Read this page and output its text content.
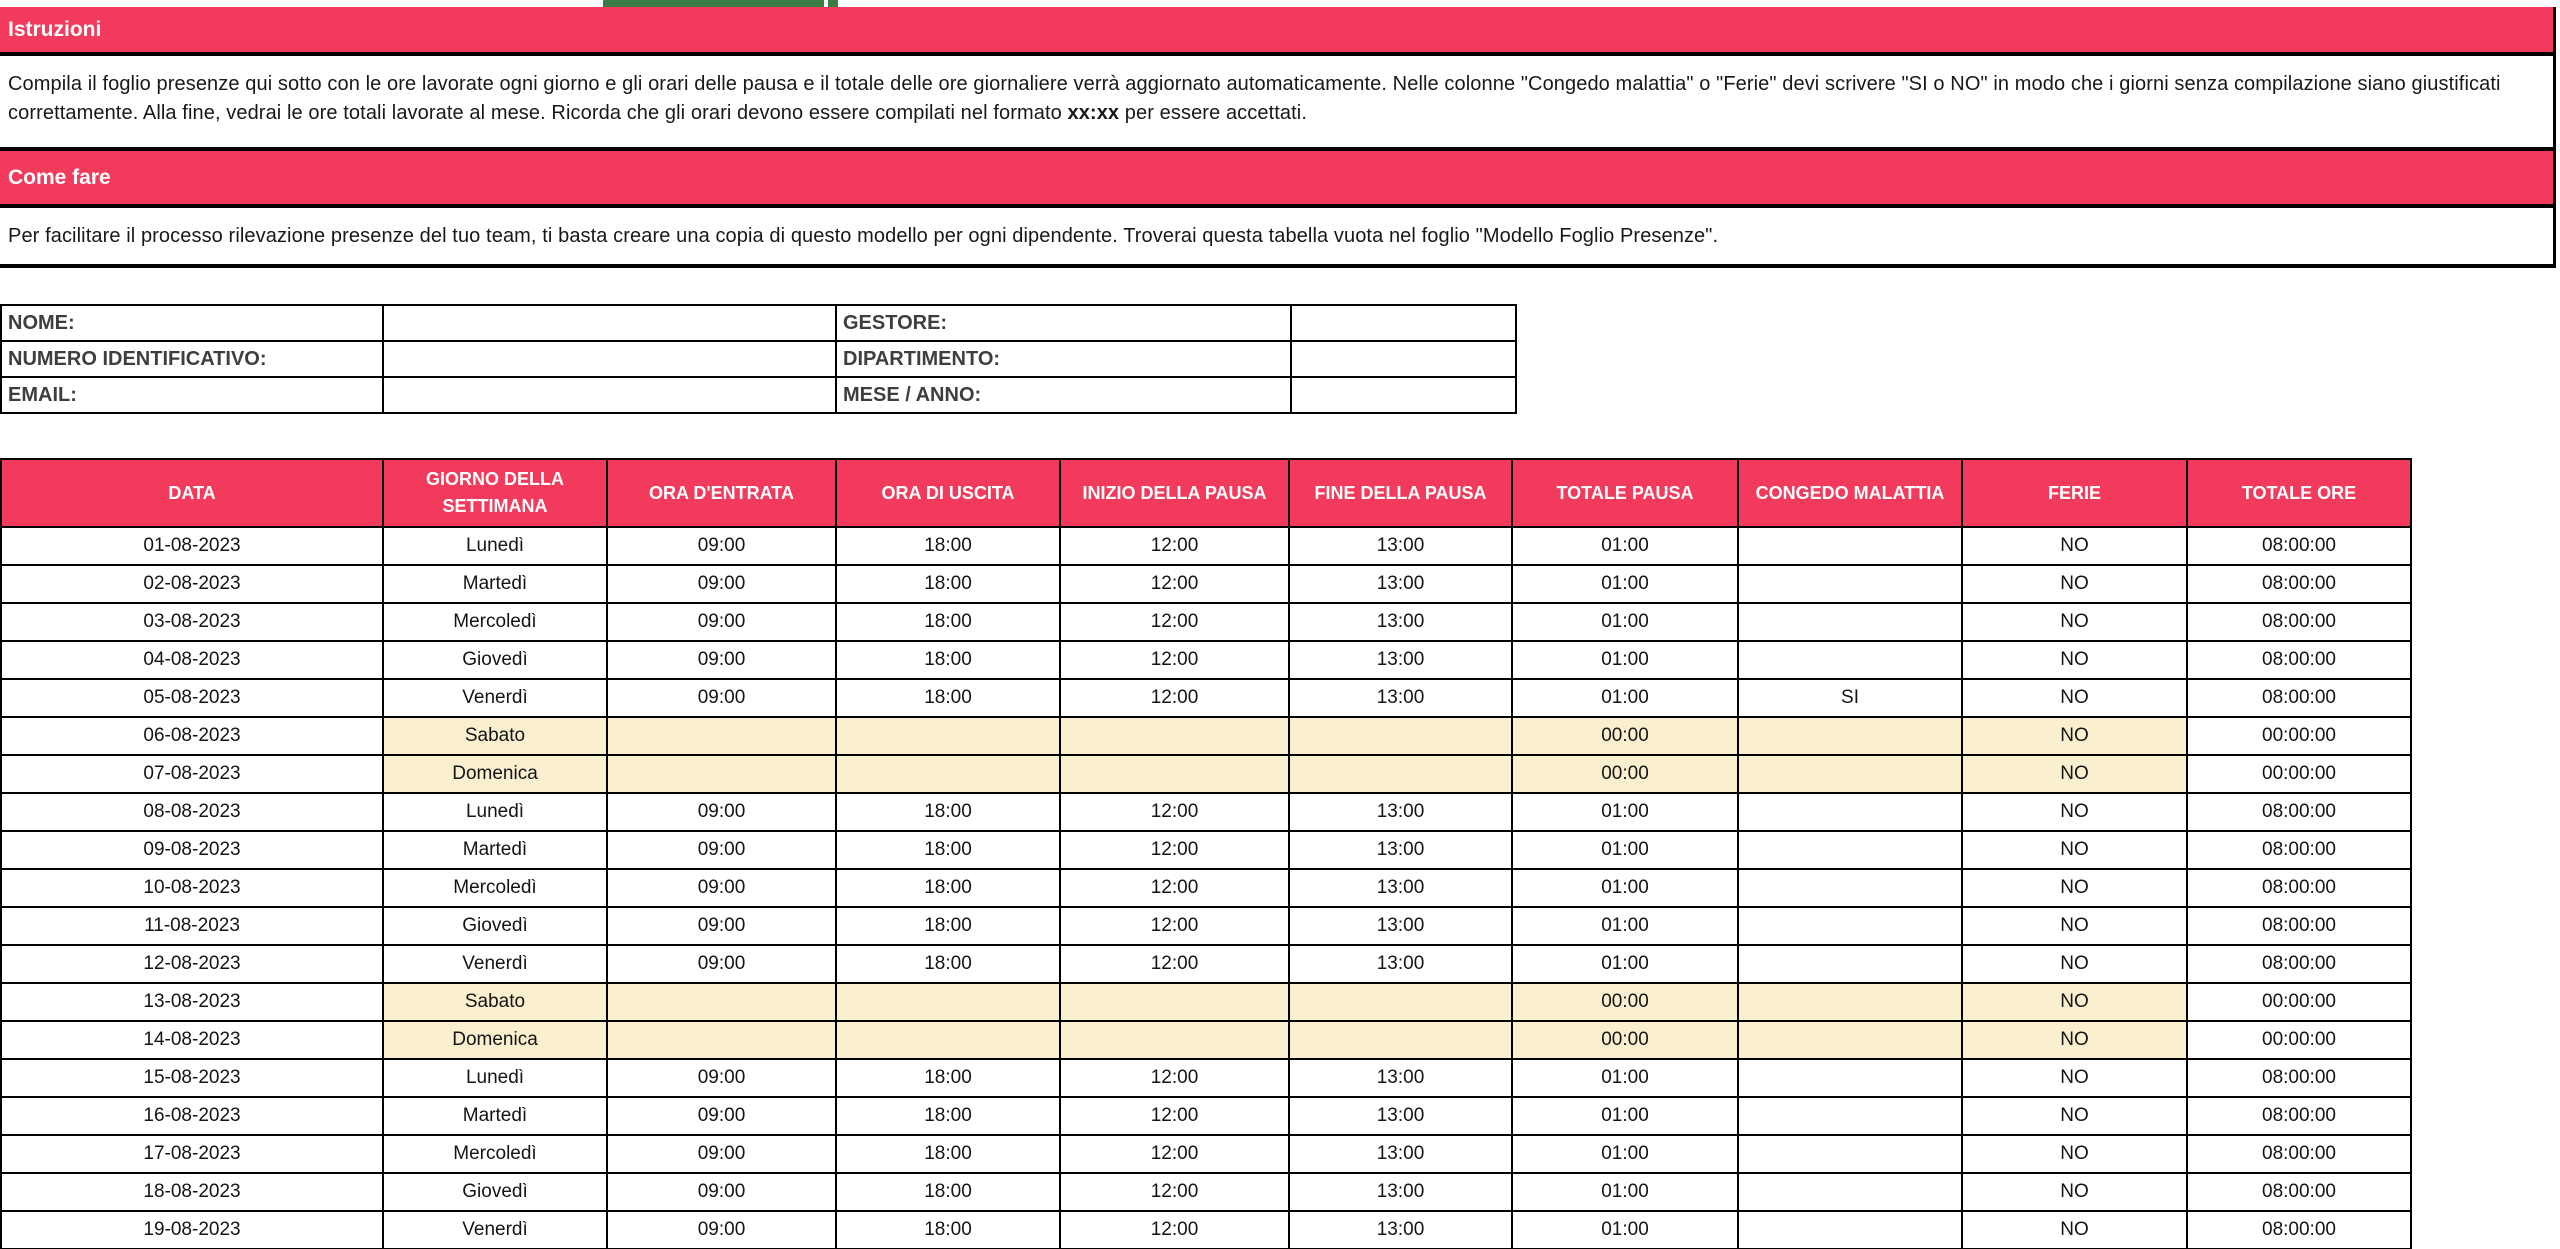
Istruzioni

Compila il foglio presenze qui sotto con le ore lavorate ogni giorno e gli orari delle pausa e il totale delle ore giornaliere verrà aggiornato automaticamente. Nelle colonne "Congedo malattia" o "Ferie" devi scrivere "SI o NO" in modo che i giorni senza compilazione siano giustificati correttamente. Alla fine, vedrai le ore totali lavorate al mese. Ricorda che gli orari devono essere compilati nel formato xx:xx per essere accettati.

Come fare

Per facilitare il processo rilevazione presenze del tuo team, ti basta creare una copia di questo modello per ogni dipendente. Troverai questa tabella vuota nel foglio "Modello Foglio Presenze".

NOME:		GESTORE:	
NUMERO IDENTIFICATIVO:		DIPARTIMENTO:	
EMAIL:		MESE / ANNO:	
DATA	GIORNO DELLA SETTIMANA	ORA D'ENTRATA	ORA DI USCITA	INIZIO DELLA PAUSA	FINE DELLA PAUSA	TOTALE PAUSA	CONGEDO MALATTIA	FERIE	TOTALE ORE
01-08-2023	Lunedì	09:00	18:00	12:00	13:00	01:00		NO	08:00:00
02-08-2023	Martedì	09:00	18:00	12:00	13:00	01:00		NO	08:00:00
03-08-2023	Mercoledì	09:00	18:00	12:00	13:00	01:00		NO	08:00:00
04-08-2023	Giovedì	09:00	18:00	12:00	13:00	01:00		NO	08:00:00
05-08-2023	Venerdì	09:00	18:00	12:00	13:00	01:00	SI	NO	08:00:00
06-08-2023	Sabato					00:00		NO	00:00:00
07-08-2023	Domenica					00:00		NO	00:00:00
08-08-2023	Lunedì	09:00	18:00	12:00	13:00	01:00		NO	08:00:00
09-08-2023	Martedì	09:00	18:00	12:00	13:00	01:00		NO	08:00:00
10-08-2023	Mercoledì	09:00	18:00	12:00	13:00	01:00		NO	08:00:00
11-08-2023	Giovedì	09:00	18:00	12:00	13:00	01:00		NO	08:00:00
12-08-2023	Venerdì	09:00	18:00	12:00	13:00	01:00		NO	08:00:00
13-08-2023	Sabato					00:00		NO	00:00:00
14-08-2023	Domenica					00:00		NO	00:00:00
15-08-2023	Lunedì	09:00	18:00	12:00	13:00	01:00		NO	08:00:00
16-08-2023	Martedì	09:00	18:00	12:00	13:00	01:00		NO	08:00:00
17-08-2023	Mercoledì	09:00	18:00	12:00	13:00	01:00		NO	08:00:00
18-08-2023	Giovedì	09:00	18:00	12:00	13:00	01:00		NO	08:00:00
19-08-2023	Venerdì	09:00	18:00	12:00	13:00	01:00		NO	08:00:00
